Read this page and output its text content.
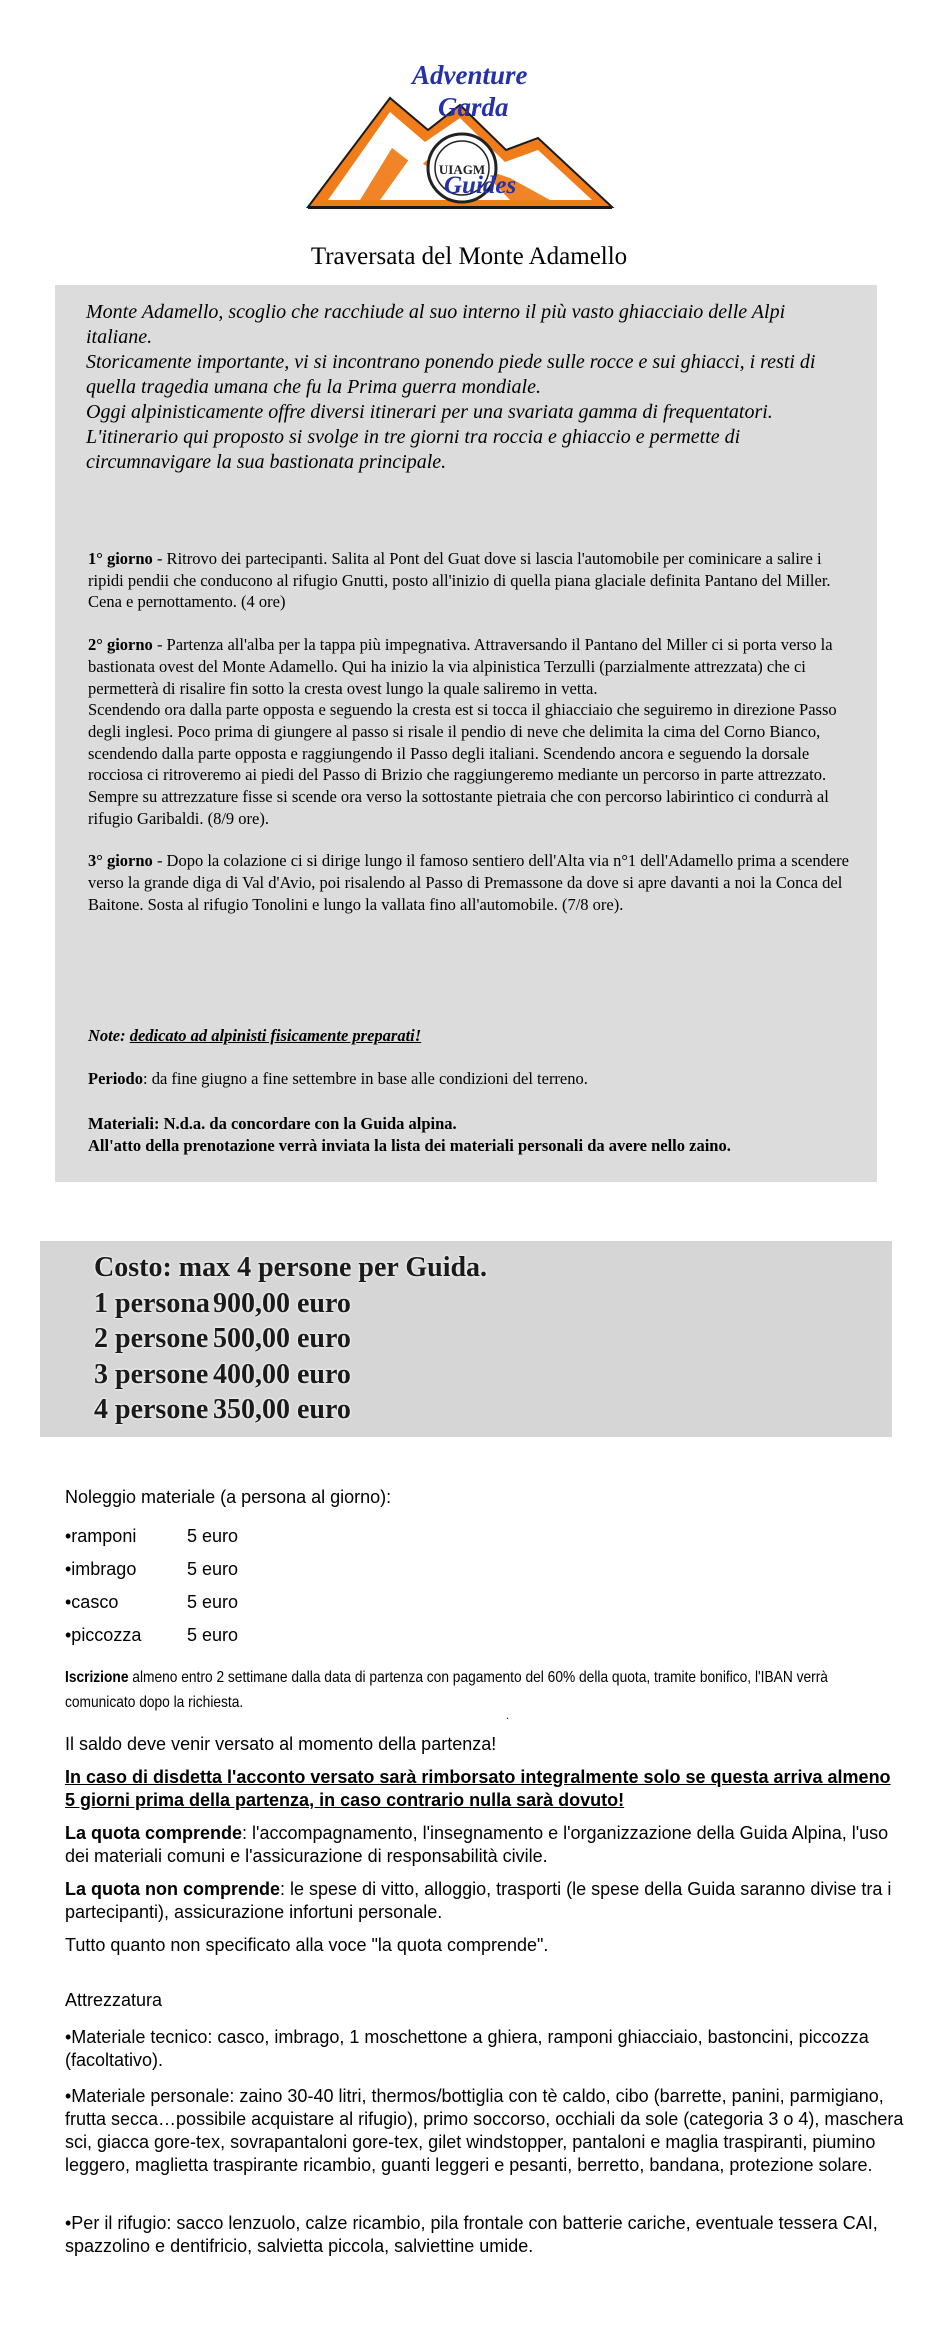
UIAGM
Adventure
Garda
Guides
Traversata del Monte Adamello

Monte Adamello, scoglio che racchiude al suo interno il più vasto ghiacciaio delle Alpi italiane.

Storicamente importante, vi si incontrano ponendo piede sulle rocce e sui ghiacci, i resti di quella tragedia umana che fu la Prima guerra mondiale.

Oggi alpinisticamente offre diversi itinerari per una svariata gamma di frequentatori.

L'itinerario qui proposto si svolge in tre giorni tra roccia e ghiaccio e permette di circumnavigare la sua bastionata principale.

1° giorno - Ritrovo dei partecipanti. Salita al Pont del Guat dove si lascia l'automobile per cominicare a salire i ripidi pendii che conducono al rifugio Gnutti, posto all'inizio di quella piana glaciale definita Pantano del Miller.
Cena e pernottamento. (4 ore)

2° giorno - Partenza all'alba per la tappa più impegnativa. Attraversando il Pantano del Miller ci si porta verso la bastionata ovest del Monte Adamello. Qui ha inizio la via alpinistica Terzulli (parzialmente attrezzata) che ci permetterà di risalire fin sotto la cresta ovest lungo la quale saliremo in vetta.
Scendendo ora dalla parte opposta e seguendo la cresta est si tocca il ghiacciaio che seguiremo in direzione Passo degli inglesi. Poco prima di giungere al passo si risale il pendio di neve che delimita la cima del Corno Bianco, scendendo dalla parte opposta e raggiungendo il Passo degli italiani. Scendendo ancora e seguendo la dorsale rocciosa ci ritroveremo ai piedi del Passo di Brizio che raggiungeremo mediante un percorso in parte attrezzato. Sempre su attrezzature fisse si scende ora verso la sottostante pietraia che con percorso labirintico ci condurrà al rifugio Garibaldi. (8/9 ore).

3° giorno - Dopo la colazione ci si dirige lungo il famoso sentiero dell'Alta via n°1 dell'Adamello prima a scendere verso la grande diga di Val d'Avio, poi risalendo al Passo di Premassone da dove si apre davanti a noi la Conca del Baitone. Sosta al rifugio Tonolini e lungo la vallata fino all'automobile. (7/8 ore).

Note: dedicato ad alpinisti fisicamente preparati!
Periodo: da fine giugno a fine settembre in base alle condizioni del terreno.
Materiali: N.d.a. da concordare con la Guida alpina.
All'atto della prenotazione verrà inviata la lista dei materiali personali da avere nello zaino.
Costo: max 4 persone per Guida.
1 persona 900,00 euro
2 persone 500,00 euro
3 persone 400,00 euro
4 persone 350,00 euro
Noleggio materiale (a persona al giorno):
•ramponi	5 euro
•imbrago	5 euro
•casco	5 euro
•piccozza	5 euro
Iscrizione almeno entro 2 settimane dalla data di partenza con pagamento del 60% della quota, tramite bonifico, l'IBAN verrà comunicato dopo la richiesta.
.
Il saldo deve venir versato al momento della partenza!
In caso di disdetta l'acconto versato sarà rimborsato integralmente solo se questa arriva almeno 5 giorni prima della partenza, in caso contrario nulla sarà dovuto!
La quota comprende: l'accompagnamento, l'insegnamento e l'organizzazione della Guida Alpina, l'uso dei materiali comuni e l'assicurazione di responsabilità civile.
La quota non comprende: le spese di vitto, alloggio, trasporti (le spese della Guida saranno divise tra i partecipanti), assicurazione infortuni personale.
Tutto quanto non specificato alla voce "la quota comprende".
Attrezzatura
•Materiale tecnico: casco, imbrago, 1 moschettone a ghiera, ramponi ghiacciaio, bastoncini, piccozza (facoltativo).
•Materiale personale: zaino 30-40 litri, thermos/bottiglia con tè caldo, cibo (barrette, panini, parmigiano, frutta secca…possibile acquistare al rifugio), primo soccorso, occhiali da sole (categoria 3 o 4), maschera sci, giacca gore-tex, sovrapantaloni gore-tex, gilet windstopper, pantaloni e maglia traspiranti, piumino leggero, maglietta traspirante ricambio, guanti leggeri e pesanti, berretto, bandana, protezione solare.
•Per il rifugio: sacco lenzuolo, calze ricambio, pila frontale con batterie cariche, eventuale tessera CAI, spazzolino e dentifricio, salvietta piccola, salviettine umide.
